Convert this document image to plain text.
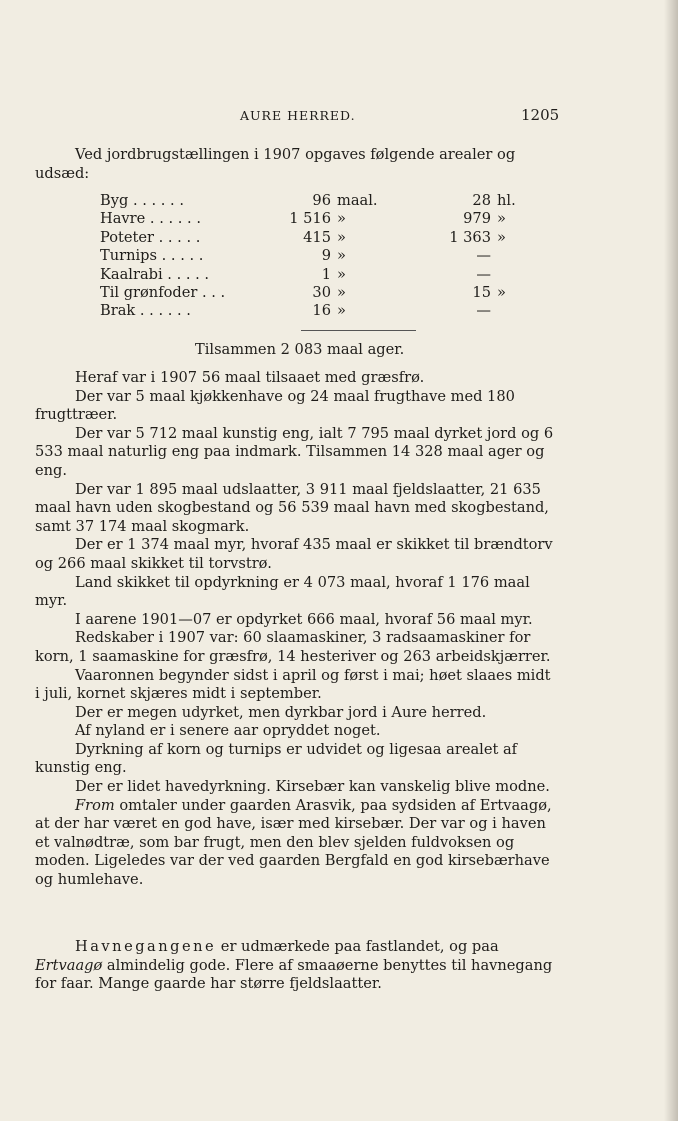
AURE HERRED.	1205
Ved jordbrugstællingen i 1907 opgaves følgende arealer og udsæd:
Byg . . . . . .	96	maal.	28	hl.
Havre . . . . . .	1 516	»	979	»
Poteter . . . . .	415	»	1 363	»
Turnips . . . . .	9	»	—	
Kaalrabi . . . . .	1	»	—	
Til grønfoder . . .	30	»	15	»
Brak . . . . . .	16	»	—	
Tilsammen 2 083 maal ager.

Heraf var i 1907 56 maal tilsaaet med græsfrø.

Der var 5 maal kjøkkenhave og 24 maal frugthave med 180 frugttræer.

Der var 5 712 maal kunstig eng, ialt 7 795 maal dyrket jord og 6 533 maal naturlig eng paa indmark. Tilsammen 14 328 maal ager og eng.

Der var 1 895 maal udslaatter, 3 911 maal fjeldslaatter, 21 635 maal havn uden skogbestand og 56 539 maal havn med skogbestand, samt 37 174 maal skogmark.

Der er 1 374 maal myr, hvoraf 435 maal er skikket til brændtorv og 266 maal skikket til torvstrø.

Land skikket til opdyrkning er 4 073 maal, hvoraf 1 176 maal myr.

I aarene 1901—07 er opdyrket 666 maal, hvoraf 56 maal myr.

Redskaber i 1907 var: 60 slaamaskiner, 3 radsaamaskiner for korn, 1 saamaskine for græsfrø, 14 hesteriver og 263 arbeidskjærrer.

Vaaronnen begynder sidst i april og først i mai; høet slaaes midt i juli, kornet skjæres midt i september.

Der er megen udyrket, men dyrkbar jord i Aure herred.

Af nyland er i senere aar opryddet noget.

Dyrkning af korn og turnips er udvidet og ligesaa arealet af kunstig eng.

Der er lidet havedyrkning. Kirsebær kan vanskelig blive modne.

From omtaler under gaarden Arasvik, paa sydsiden af Ertvaagø, at der har været en god have, især med kirsebær. Der var og i haven et valnødtræ, som bar frugt, men den blev sjelden fuldvoksen og moden. Ligeledes var der ved gaarden Bergfald en god kirsebærhave og humlehave.

Havnegangene er udmærkede paa fastlandet, og paa Ertvaagø almindelig gode. Flere af smaaøerne benyttes til havnegang for faar. Mange gaarde har større fjeldslaatter.
